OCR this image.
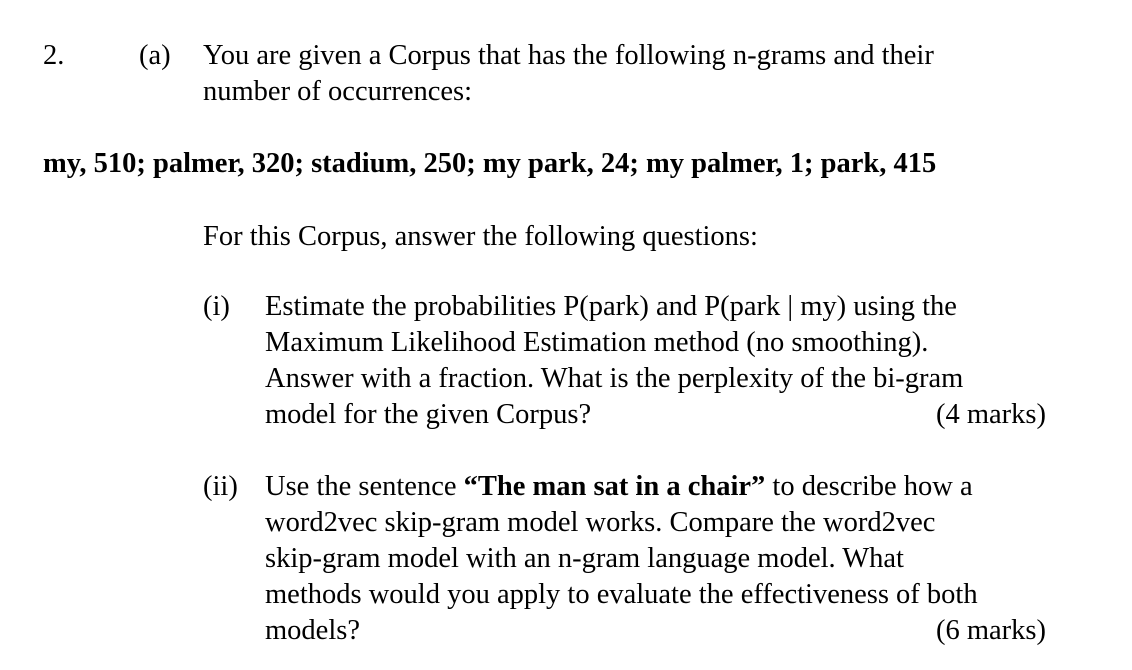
2.	(a) You are given a Corpus that has the following n-grams and their
number of occurrences:
my, 510; palmer, 320; stadium, 250; my park, 24; my palmer, 1; park, 415
For this Corpus, answer the following questions:
(i) Estimate the probabilities P(park) and P(park | my) using the
Maximum Likelihood Estimation method (no smoothing).
Answer with a fraction. What is the perplexity of the bi-gram
model for the given Corpus?	(4 marks)
(ii) Use the sentence “The man sat in a chair” to describe how a
word2vec skip-gram model works. Compare the word2vec
skip-gram model with an n-gram language model. What
methods would you apply to evaluate the effectiveness of both
models?	(6 marks)
